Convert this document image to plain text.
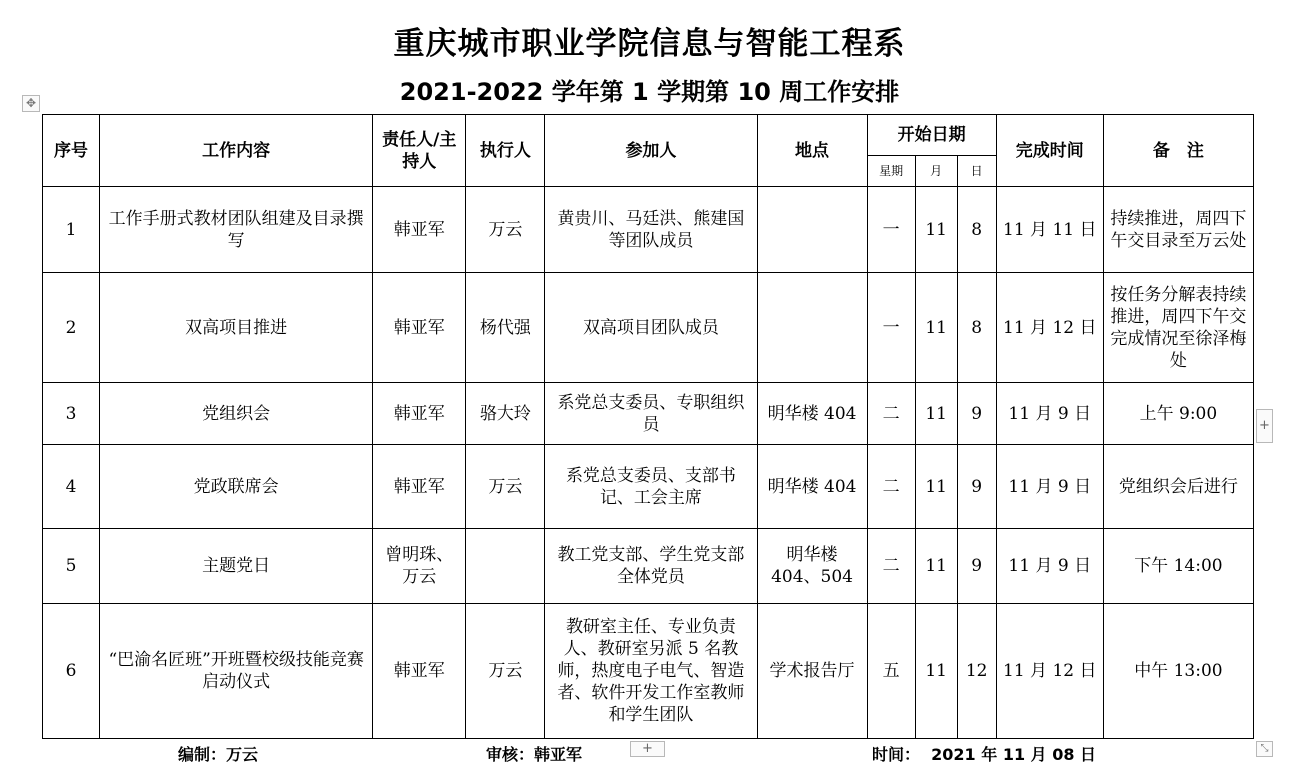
重庆城市职业学院信息与智能工程系
2021-2022 学年第 1 学期第 10 周工作安排
✥
序号	工作内容	责任人/主持人	执行人	参加人	地点	开始日期			完成时间	备　注
						星期	月	日		
1	工作手册式教材团队组建及目录撰写	韩亚军	万云	黄贵川、马廷洪、熊建国等团队成员		一	11	8	11 月 11 日	持续推进，周四下午交目录至万云处
2	双高项目推进	韩亚军	杨代强	双高项目团队成员		一	11	8	11 月 12 日	按任务分解表持续推进，周四下午交完成情况至徐泽梅处
3	党组织会	韩亚军	骆大玲	系党总支委员、专职组织员	明华楼 404	二	11	9	11 月 9 日	上午 9:00
4	党政联席会	韩亚军	万云	系党总支委员、支部书记、工会主席	明华楼 404	二	11	9	11 月 9 日	党组织会后进行
5	主题党日	曾明珠、万云		教工党支部、学生党支部全体党员	明华楼 404、504	二	11	9	11 月 9 日	下午 14:00
6	“巴渝名匠班”开班暨校级技能竞赛启动仪式	韩亚军	万云	教研室主任、专业负责人、教研室另派 5 名教师，热度电子电气、智造者、软件开发工作室教师和学生团队	学术报告厅	五	11	12	11 月 12 日	中午 13:00
+
+	⤡
编制：万云	审核：韩亚军	时间：  2021 年 11 月 08 日
